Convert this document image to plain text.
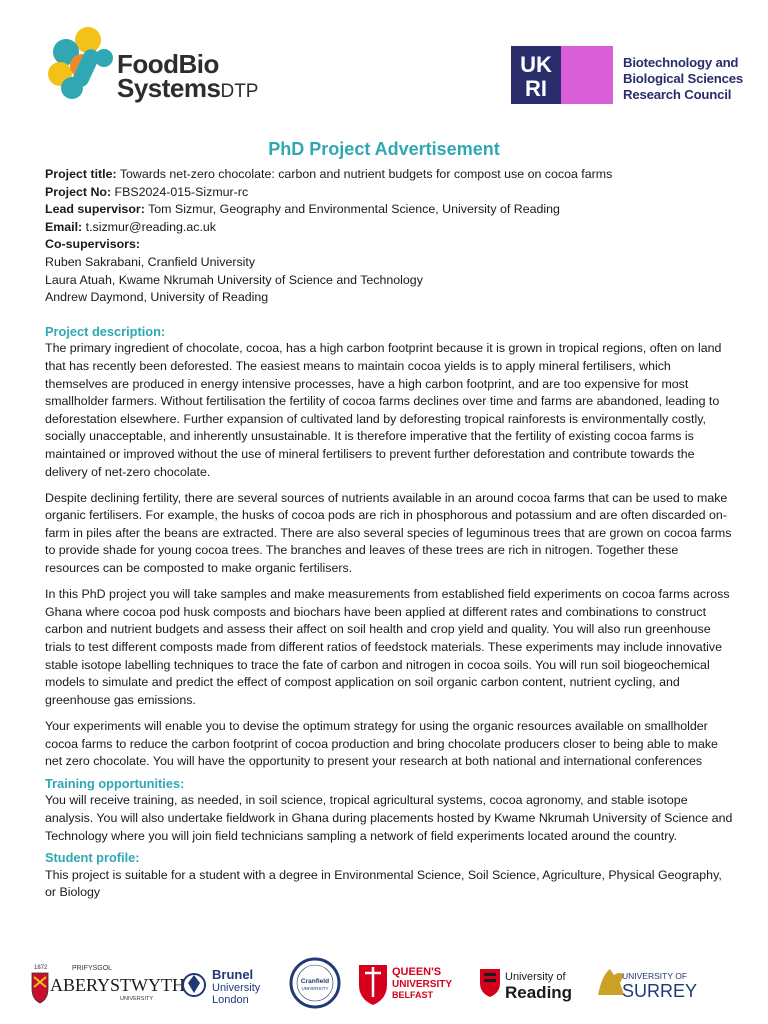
FoodBio
SystemsDTP
UK
RI
Biotechnology and
Biological Sciences
Research Council
PhD Project Advertisement
Project title: Towards net-zero chocolate: carbon and nutrient budgets for compost use on cocoa farms
Project No: FBS2024-015-Sizmur-rc
Lead supervisor: Tom Sizmur, Geography and Environmental Science, University of Reading
Email: t.sizmur@reading.ac.uk
Co-supervisors:
Ruben Sakrabani, Cranfield University
Laura Atuah, Kwame Nkrumah University of Science and Technology
Andrew Daymond, University of Reading
Project description:

The primary ingredient of chocolate, cocoa, has a high carbon footprint because it is grown in tropical regions, often on land that has recently been deforested. The easiest means to maintain cocoa yields is to apply mineral fertilisers, which themselves are produced in energy intensive processes, have a high carbon footprint, and are too expensive for most smallholder farmers. Without fertilisation the fertility of cocoa farms declines over time and farms are abandoned, leading to deforestation elsewhere. Further expansion of cultivated land by deforesting tropical rainforests is environmentally costly, socially unacceptable, and inherently unsustainable. It is therefore imperative that the fertility of existing cocoa farms is maintained or improved without the use of mineral fertilisers to prevent further deforestation and contribute towards the delivery of net-zero chocolate.

Despite declining fertility, there are several sources of nutrients available in an around cocoa farms that can be used to make organic fertilisers. For example, the husks of cocoa pods are rich in phosphorous and potassium and are often discarded on-farm in piles after the beans are extracted. There are also several species of leguminous trees that are grown on cocoa farms to provide shade for young cocoa trees. The branches and leaves of these trees are rich in nitrogen. Together these resources can be composted to make organic fertilisers.

In this PhD project you will take samples and make measurements from established field experiments on cocoa farms across Ghana where cocoa pod husk composts and biochars have been applied at different rates and combinations to construct carbon and nutrient budgets and assess their affect on soil health and crop yield and quality. You will also run greenhouse trials to test different composts made from different ratios of feedstock materials. These experiments may include innovative stable isotope labelling techniques to trace the fate of carbon and nitrogen in cocoa soils. You will run soil biogeochemical models to simulate and predict the effect of compost application on soil organic carbon content, nutrient cycling, and greenhouse gas emissions.

Your experiments will enable you to devise the optimum strategy for using the organic resources available on smallholder cocoa farms to reduce the carbon footprint of cocoa production and bring chocolate producers closer to being able to make net zero chocolate. You will have the opportunity to present your research at both national and international conferences

Training opportunities:

You will receive training, as needed, in soil science, tropical agricultural systems, cocoa agronomy, and stable isotope analysis. You will also undertake fieldwork in Ghana during placements hosted by Kwame Nkrumah University of Science and Technology where you will join field technicians sampling a network of field experiments located around the country.

Student profile:

This project is suitable for a student with a degree in Environmental Science, Soil Science, Agriculture, Physical Geography, or Biology

1872	PRIFYSGOL
ABERYSTWYTH
UNIVERSITY
Brunel
University
London
Cranfield
UNIVERSITY
QUEEN'S
UNIVERSITY
BELFAST
University of
Reading
UNIVERSITY OF
SURREY
